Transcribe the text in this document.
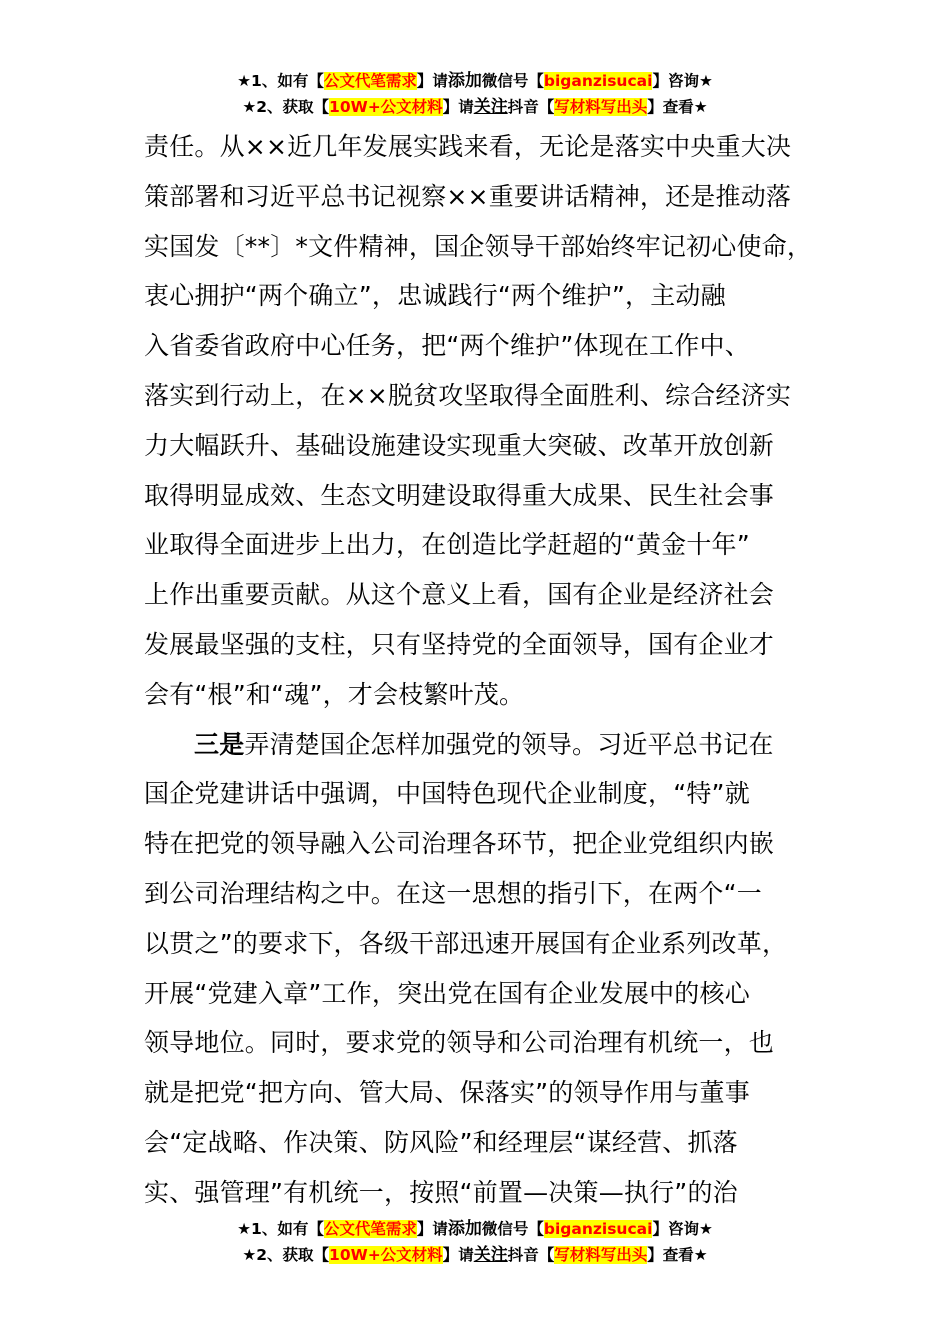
★1、如有【公文代笔需求】请添加微信号【biganzisucai】咨询★
★2、获取【10W+公文材料】请关注抖音【写材料写出头】查看★
责任。从××近几年发展实践来看，无论是落实中央重大决
策部署和习近平总书记视察××重要讲话精神，还是推动落
实国发〔**〕*文件精神，国企领导干部始终牢记初心使命，
衷心拥护“两个确立”，忠诚践行“两个维护”，主动融
入省委省政府中心任务，把“两个维护”体现在工作中、
落实到行动上，在××脱贫攻坚取得全面胜利、综合经济实
力大幅跃升、基础设施建设实现重大突破、改革开放创新
取得明显成效、生态文明建设取得重大成果、民生社会事
业取得全面进步上出力，在创造比学赶超的“黄金十年”
上作出重要贡献。从这个意义上看，国有企业是经济社会
发展最坚强的支柱，只有坚持党的全面领导，国有企业才
会有“根”和“魂”，才会枝繁叶茂。
三是弄清楚国企怎样加强党的领导。习近平总书记在
国企党建讲话中强调，中国特色现代企业制度，“特”就
特在把党的领导融入公司治理各环节，把企业党组织内嵌
到公司治理结构之中。在这一思想的指引下，在两个“一
以贯之”的要求下，各级干部迅速开展国有企业系列改革，
开展“党建入章”工作，突出党在国有企业发展中的核心
领导地位。同时，要求党的领导和公司治理有机统一，也
就是把党“把方向、管大局、保落实”的领导作用与董事
会“定战略、作决策、防风险”和经理层“谋经营、抓落
实、强管理”有机统一，按照“前置—决策—执行”的治
★1、如有【公文代笔需求】请添加微信号【biganzisucai】咨询★
★2、获取【10W+公文材料】请关注抖音【写材料写出头】查看★
